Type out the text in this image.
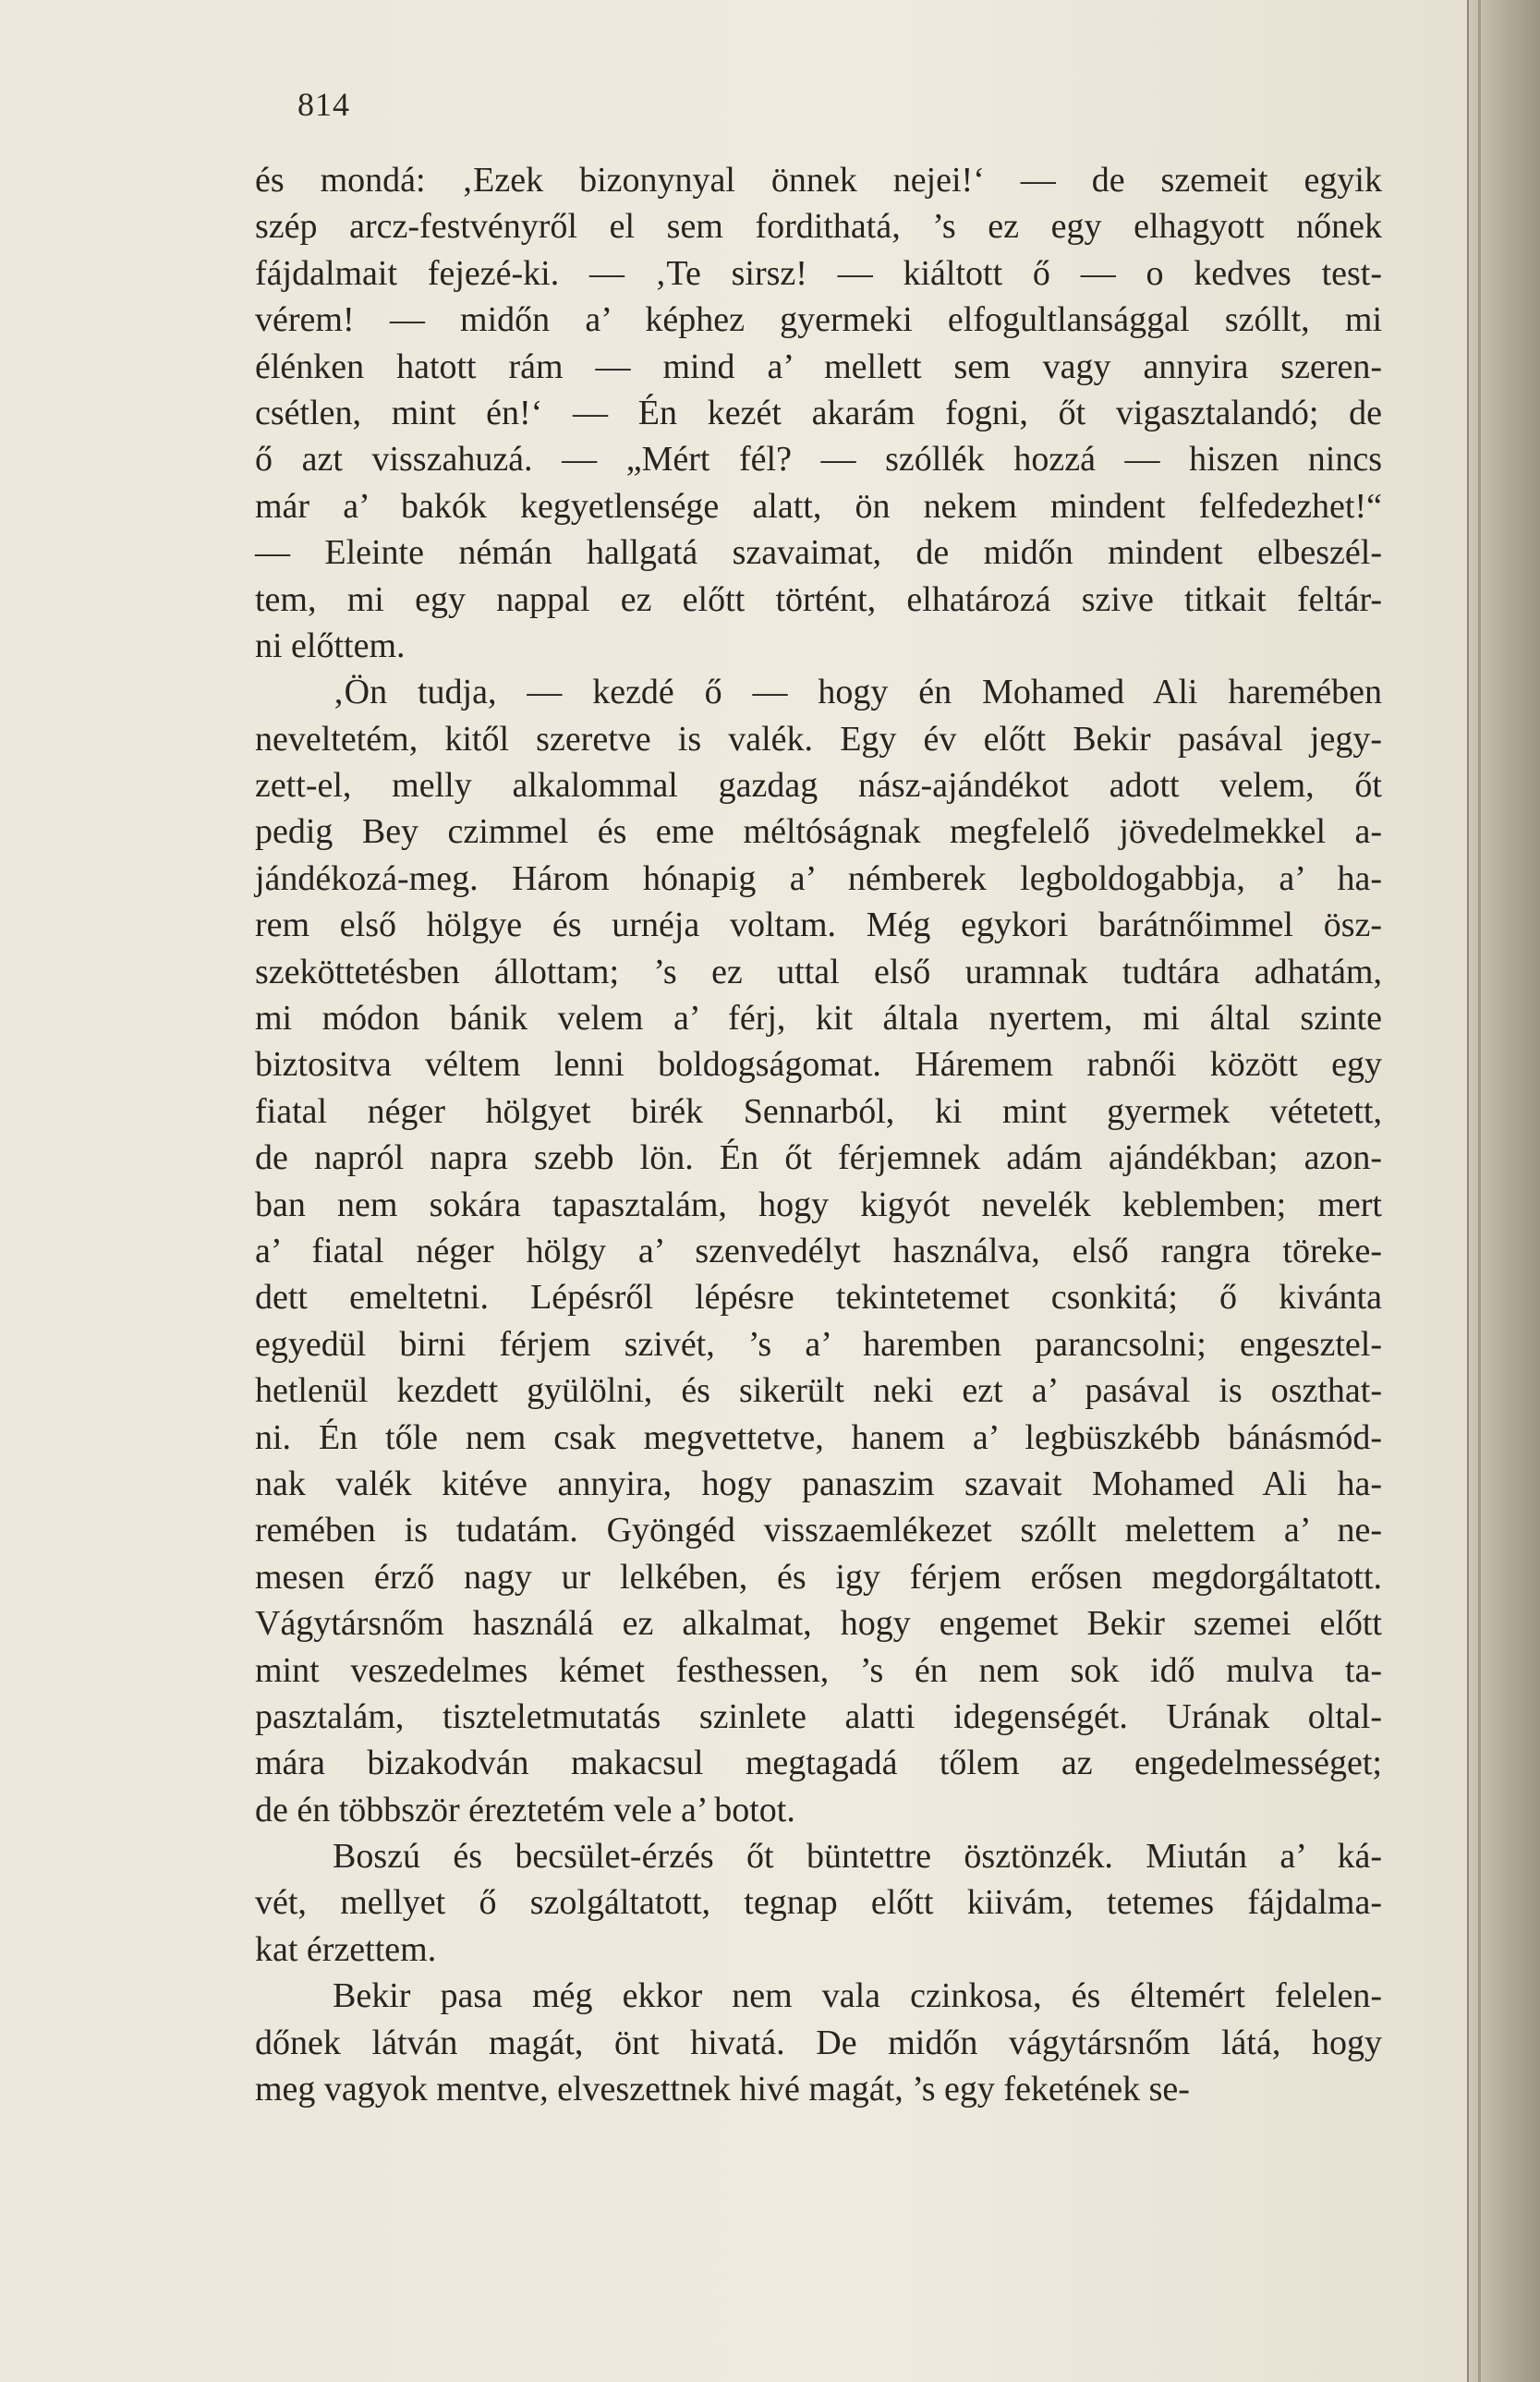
814
és mondá: ‚Ezek bizonynyal önnek nejei!‘ — de szemeit egyik
szép arcz-festvényről el sem fordithatá, ’s ez egy elhagyott nőnek
fájdalmait fejezé-ki. — ‚Te sirsz! — kiáltott ő — o kedves test-
vérem! — midőn a’ képhez gyermeki elfogultlansággal szóllt, mi
élénken hatott rám — mind a’ mellett sem vagy annyira szeren-
csétlen, mint én!‘ — Én kezét akarám fogni, őt vigasztalandó; de
ő azt visszahuzá. — „Mért fél? — szóllék hozzá — hiszen nincs
már a’ bakók kegyetlensége alatt, ön nekem mindent felfedezhet!“
— Eleinte némán hallgatá szavaimat, de midőn mindent elbeszél-
tem, mi egy nappal ez előtt történt, elhatározá szive titkait feltár-
ni előttem.
‚Ön tudja, — kezdé ő — hogy én Mohamed Ali haremében
neveltetém, kitől szeretve is valék. Egy év előtt Bekir pasával jegy-
zett-el, melly alkalommal gazdag nász-ajándékot adott velem, őt
pedig Bey czimmel és eme méltóságnak megfelelő jövedelmekkel a-
jándékozá-meg. Három hónapig a’ némberek legboldogabbja, a’ ha-
rem első hölgye és urnéja voltam. Még egykori barátnőimmel ösz-
szeköttetésben állottam; ’s ez uttal első uramnak tudtára adhatám,
mi módon bánik velem a’ férj, kit általa nyertem, mi által szinte
biztositva véltem lenni boldogságomat. Háremem rabnői között egy
fiatal néger hölgyet birék Sennarból, ki mint gyermek vétetett,
de napról napra szebb lön. Én őt férjemnek adám ajándékban; azon-
ban nem sokára tapasztalám, hogy kigyót nevelék keblemben; mert
a’ fiatal néger hölgy a’ szenvedélyt használva, első rangra töreke-
dett emeltetni. Lépésről lépésre tekintetemet csonkitá; ő kivánta
egyedül birni férjem szivét, ’s a’ haremben parancsolni; engesztel-
hetlenül kezdett gyülölni, és sikerült neki ezt a’ pasával is oszthat-
ni. Én tőle nem csak megvettetve, hanem a’ legbüszkébb bánásmód-
nak valék kitéve annyira, hogy panaszim szavait Mohamed Ali ha-
remében is tudatám. Gyöngéd visszaemlékezet szóllt melettem a’ ne-
mesen érző nagy ur lelkében, és igy férjem erősen megdorgáltatott.
Vágytársnőm használá ez alkalmat, hogy engemet Bekir szemei előtt
mint veszedelmes kémet festhessen, ’s én nem sok idő mulva ta-
pasztalám, tiszteletmutatás szinlete alatti idegenségét. Urának oltal-
mára bizakodván makacsul megtagadá tőlem az engedelmességet;
de én többször éreztetém vele a’ botot.
Boszú és becsület-érzés őt büntettre ösztönzék. Miután a’ ká-
vét, mellyet ő szolgáltatott, tegnap előtt kiivám, tetemes fájdalma-
kat érzettem.
Bekir pasa még ekkor nem vala czinkosa, és éltemért felelen-
dőnek látván magát, önt hivatá. De midőn vágytársnőm látá, hogy
meg vagyok mentve, elveszettnek hivé magát, ’s egy feketének se-
